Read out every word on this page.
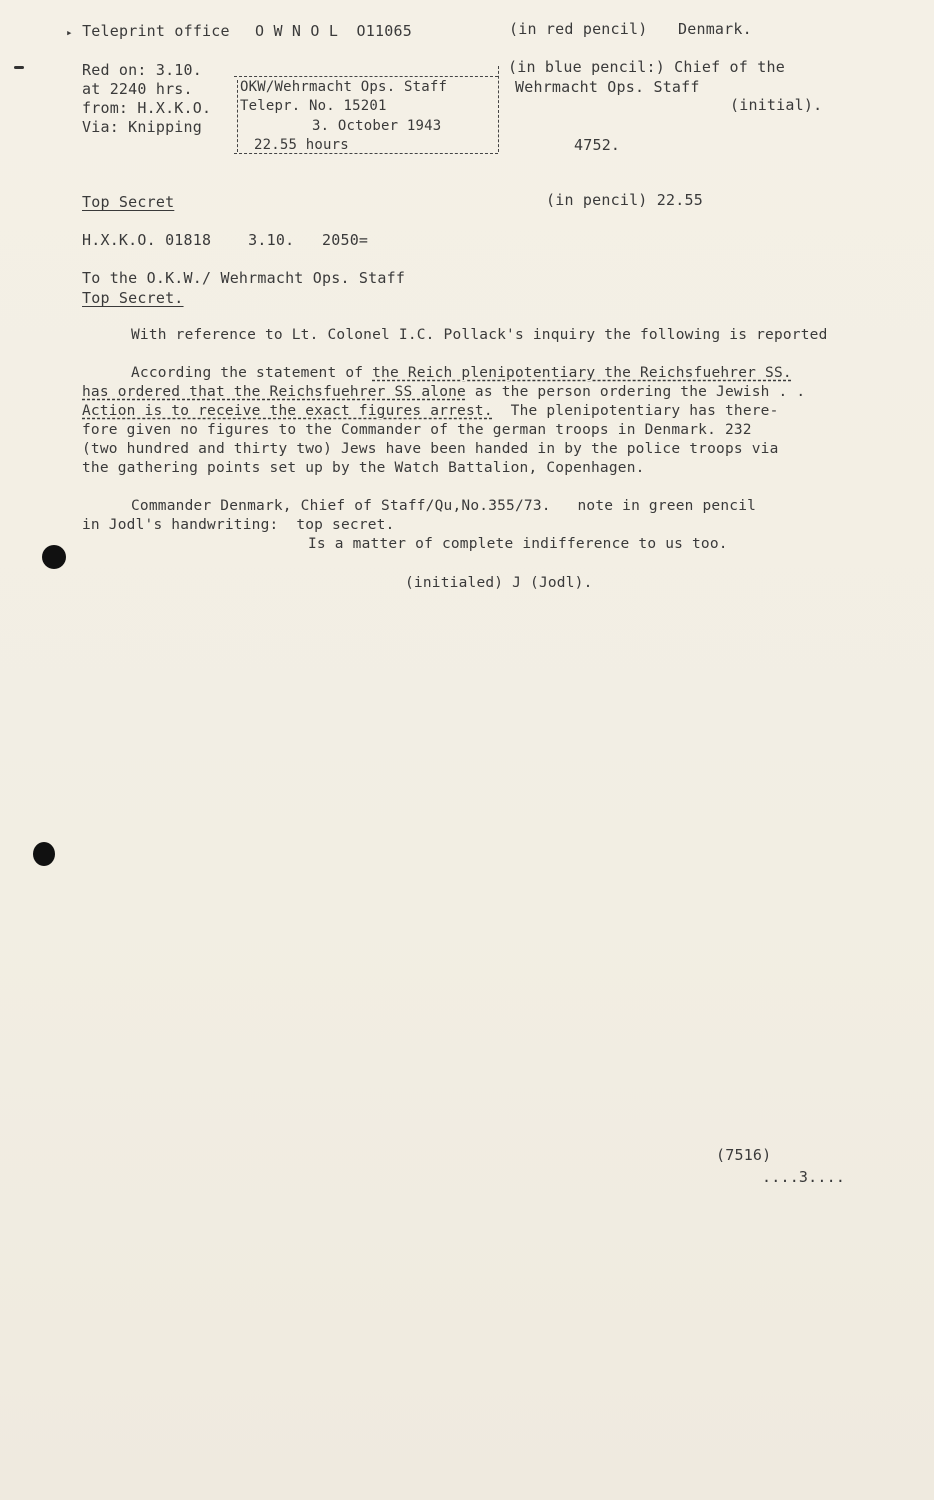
▸ Teleprint office O W N O L  O11065	(in red pencil) Denmark.
Red on: 3.10.
at 2240 hrs.
from: H.X.K.O.
Via: Knipping
OKW/Wehrmacht Ops. Staff
Telepr. No. 15201
3. October 1943
22.55 hours
(in blue pencil:) Chief of the
Wehrmacht Ops. Staff
(initial).
4752.
Top Secret	(in pencil) 22.55
H.X.K.O. 01818    3.10.   2050=
To the O.K.W./ Wehrmacht Ops. Staff
Top Secret.
With reference to Lt. Colonel I.C. Pollack's inquiry the following is reported
According the statement of the Reich plenipotentiary the Reichsfuehrer SS.
has ordered that the Reichsfuehrer SS alone as the person ordering the Jewish . .
Action is to receive the exact figures arrest.  The plenipotentiary has there-
fore given no figures to the Commander of the german troops in Denmark. 232
(two hundred and thirty two) Jews have been handed in by the police troops via
the gathering points set up by the Watch Battalion, Copenhagen.
Commander Denmark, Chief of Staff/Qu,No.355/73.   note in green pencil
in Jodl's handwriting:  top secret.
Is a matter of complete indifference to us too.
(initialed) J (Jodl).
(7516)
....3....
